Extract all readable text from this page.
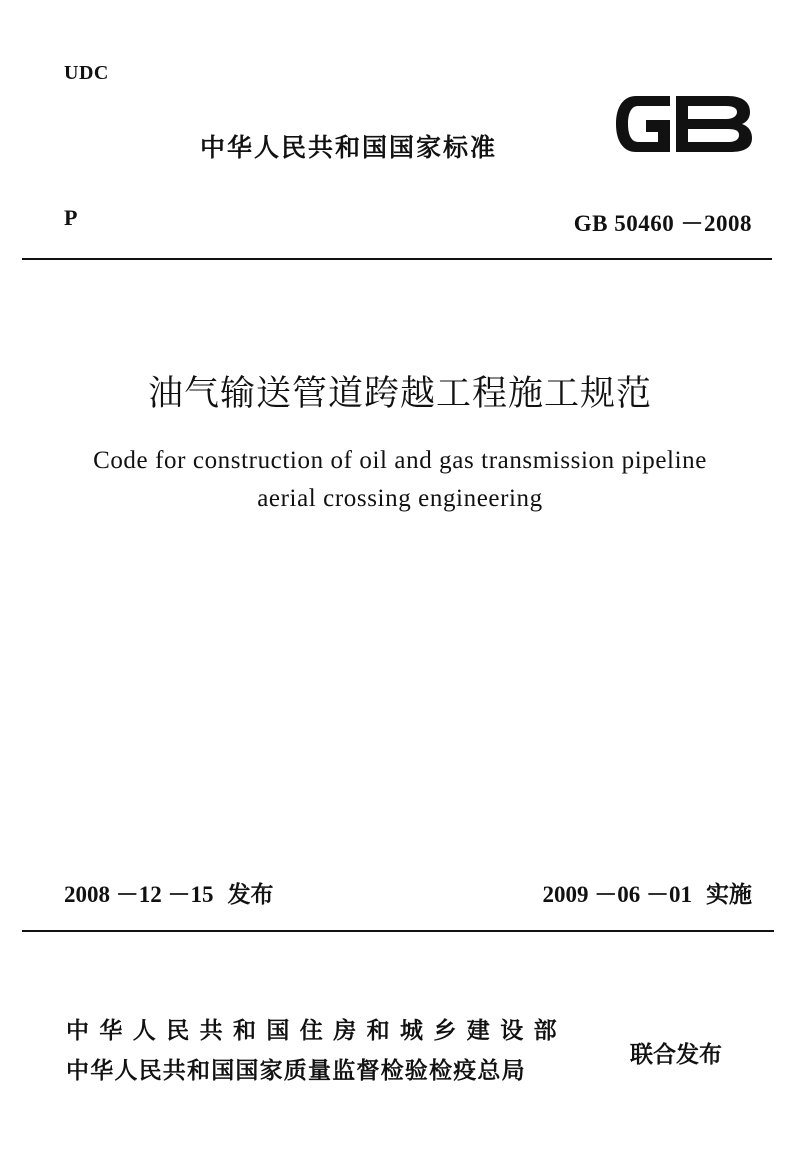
UDC
中华人民共和国国家标准
P	GB 50460 －2008
油气输送管道跨越工程施工规范
Code for construction of oil and gas transmission pipeline
aerial crossing engineering
2008 －12 －15 发布	2009 －06 －01 实施
中华人民共和国住房和城乡建设部
中华人民共和国国家质量监督检验检疫总局
联合发布
